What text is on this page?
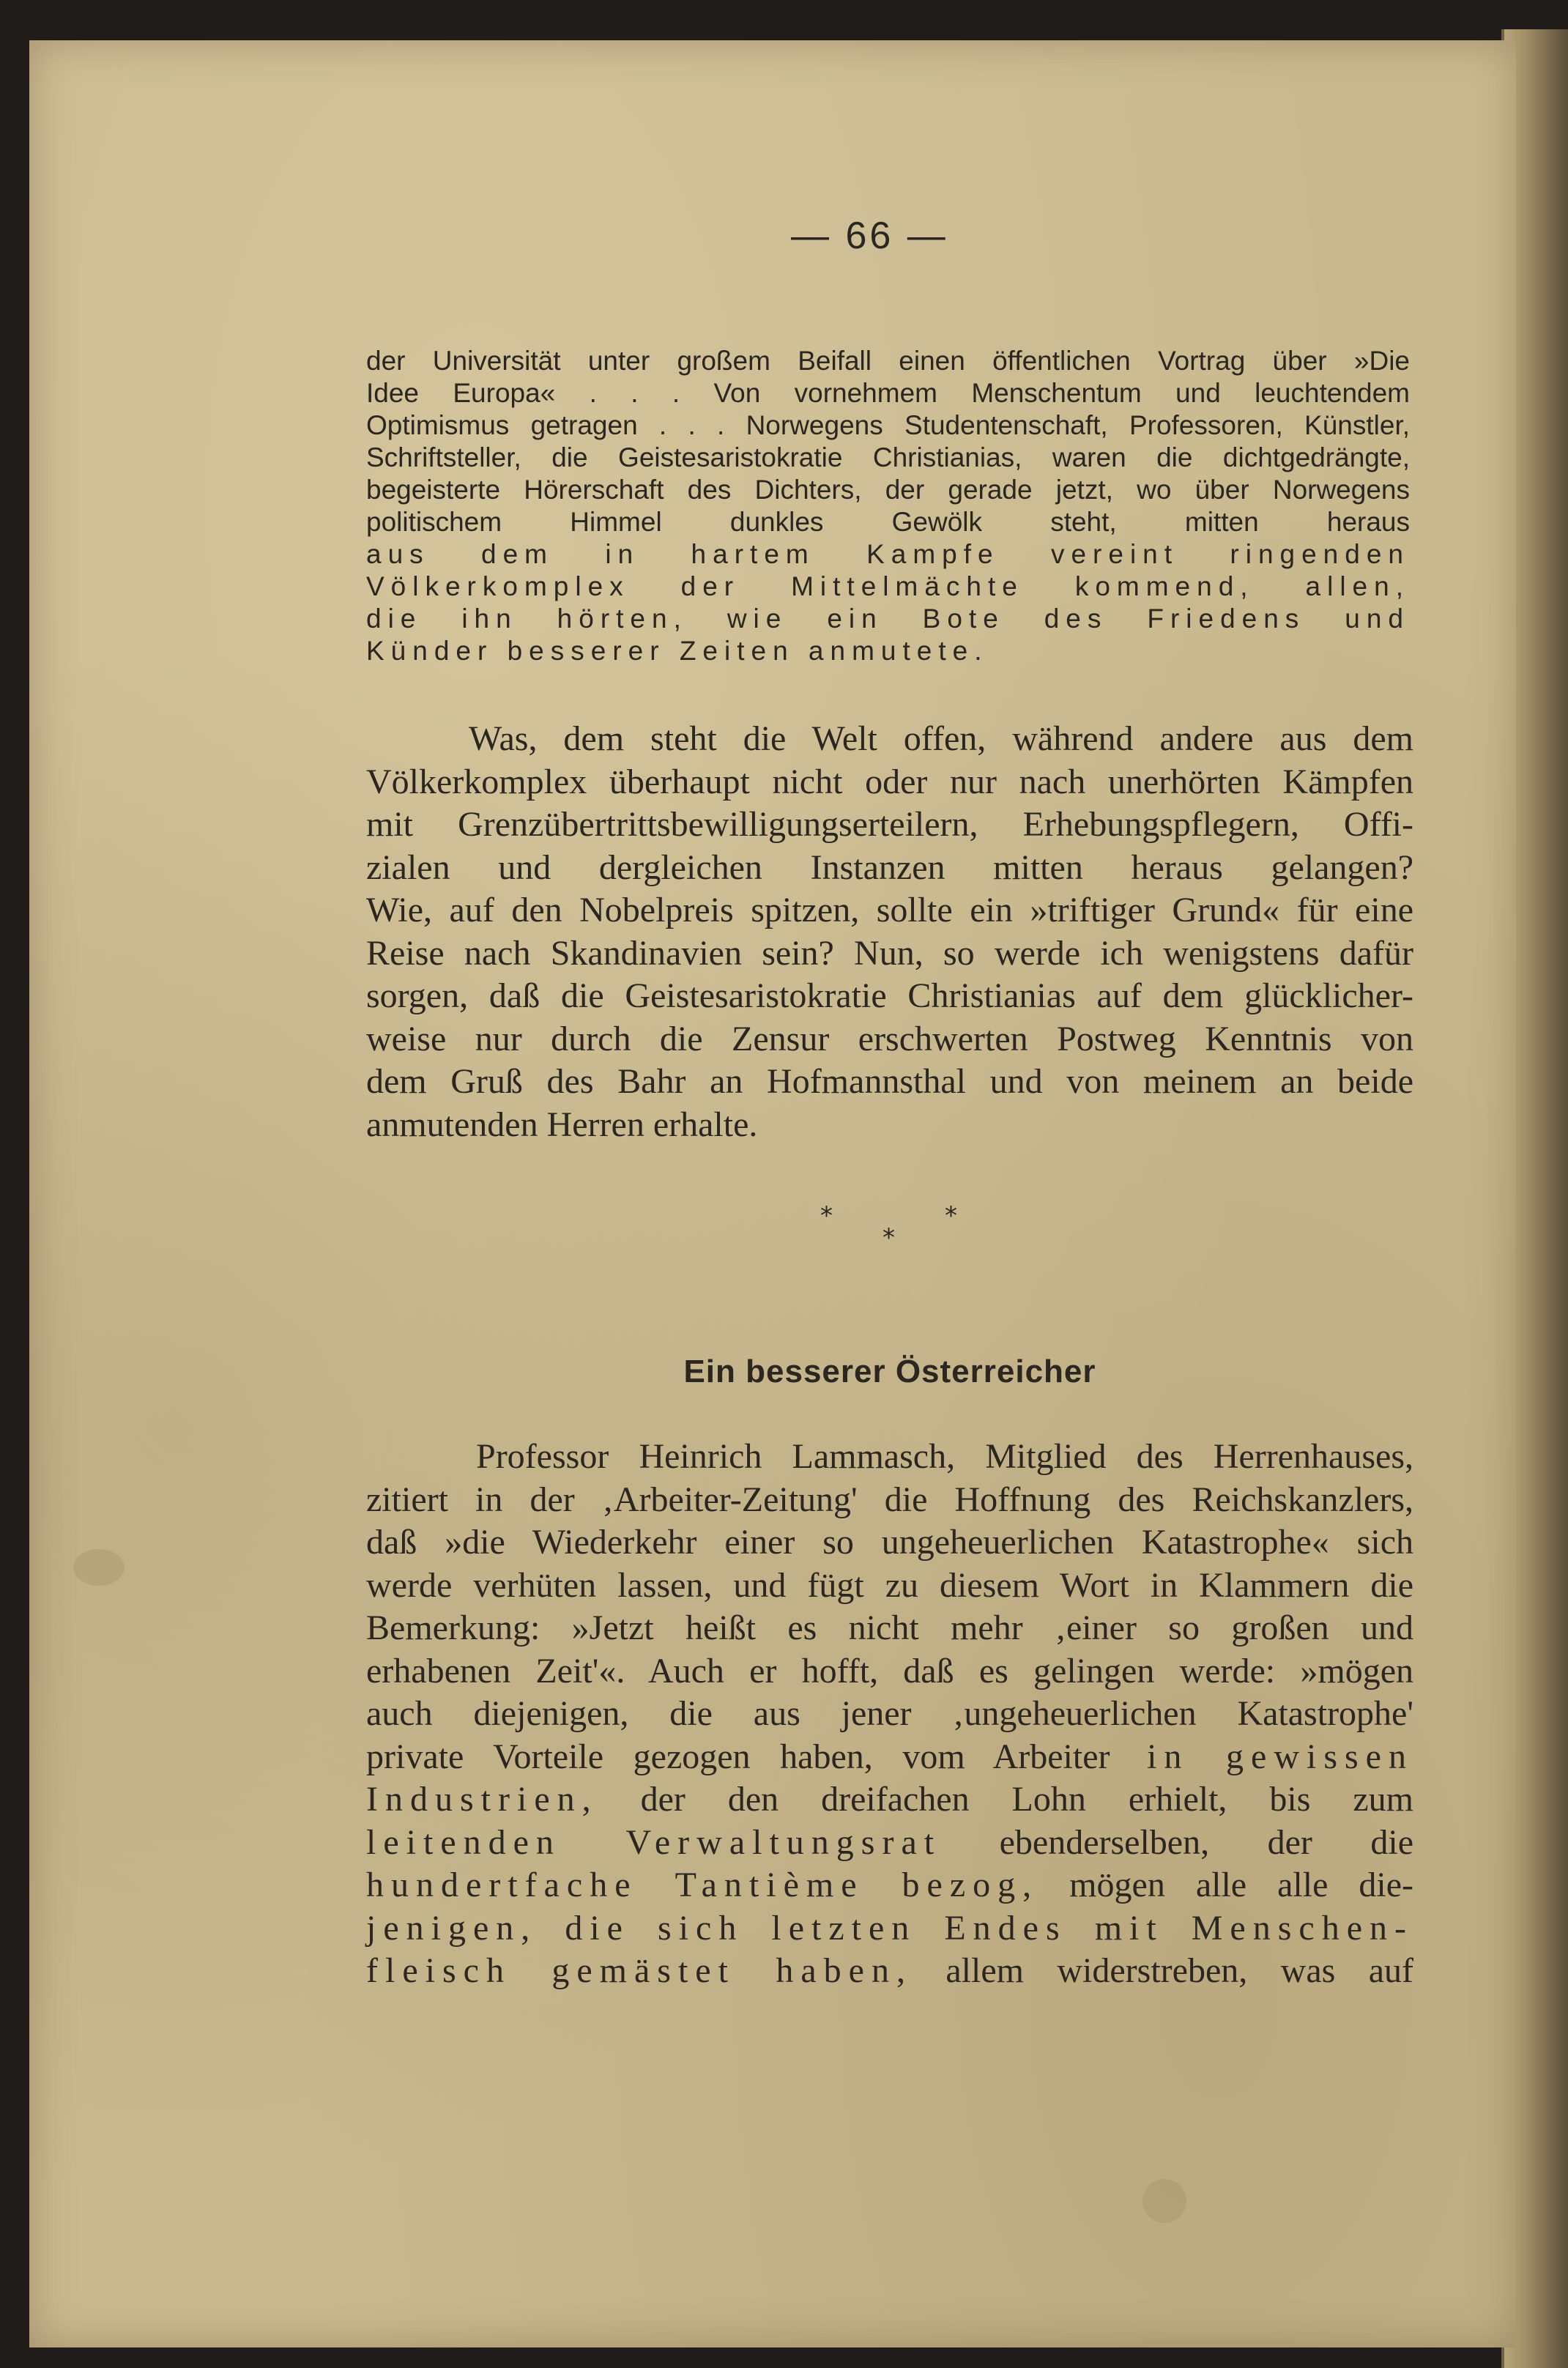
— 66 —
der Universität unter großem Beifall einen öffentlichen Vortrag über »Die
Idee Europa« . . . Von vornehmem Menschentum und leuchtendem
Optimismus getragen . . . Norwegens Studentenschaft, Professoren, Künstler,
Schriftsteller, die Geistesaristokratie Christianias, waren die dichtgedrängte,
begeisterte Hörerschaft des Dichters, der gerade jetzt, wo über Norwegens
politischem Himmel dunkles Gewölk steht, mitten heraus
aus dem in hartem Kampfe vereint ringenden
Völkerkomplex der Mittelmächte kommend, allen,
die ihn hörten, wie ein Bote des Friedens und
Künder besserer Zeiten anmutete.
Was, dem steht die Welt offen, während andere aus dem
Völkerkomplex überhaupt nicht oder nur nach unerhörten Kämpfen
mit Grenzübertrittsbewilligungserteilern, Erhebungspflegern, Offi-
zialen und dergleichen Instanzen mitten heraus gelangen?
Wie, auf den Nobelpreis spitzen, sollte ein »triftiger Grund« für eine
Reise nach Skandinavien sein? Nun, so werde ich wenigstens dafür
sorgen, daß die Geistesaristokratie Christianias auf dem glücklicher-
weise nur durch die Zensur erschwerten Postweg Kenntnis von
dem Gruß des Bahr an Hofmannsthal und von meinem an beide
anmutenden Herren erhalte.
*	*
*
Ein besserer Österreicher
Professor Heinrich Lammasch, Mitglied des Herrenhauses,
zitiert in der ‚Arbeiter-Zeitung' die Hoffnung des Reichskanzlers,
daß »die Wiederkehr einer so ungeheuerlichen Katastrophe« sich
werde verhüten lassen, und fügt zu diesem Wort in Klammern die
Bemerkung: »Jetzt heißt es nicht mehr ‚einer so großen und
erhabenen Zeit'«. Auch er hofft, daß es gelingen werde: »mögen
auch diejenigen, die aus jener ‚ungeheuerlichen Katastrophe'
private Vorteile gezogen haben, vom Arbeiter in gewissen
Industrien, der den dreifachen Lohn erhielt, bis zum
leitenden Verwaltungsrat ebenderselben, der die
hundertfache Tantième bezog, mögen alle alle die-
jenigen, die sich letzten Endes mit Menschen-
fleisch gemästet haben, allem widerstreben, was auf
